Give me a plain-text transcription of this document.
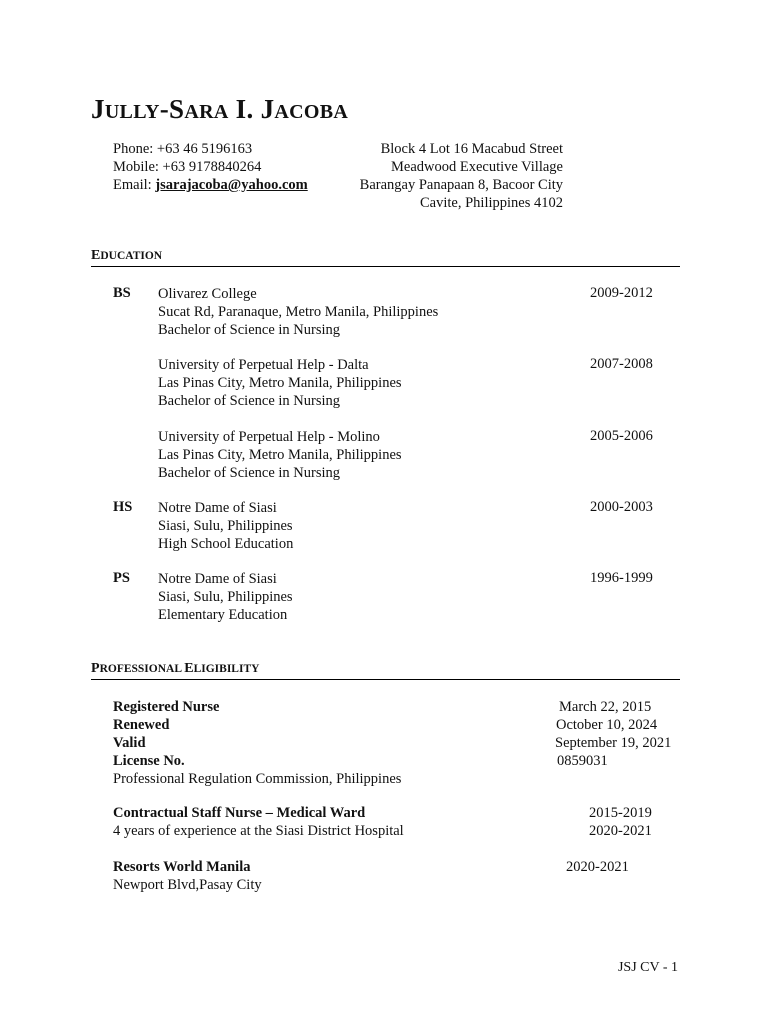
JULLY-SARA I. JACOBA
Phone: +63 46 5196163
Mobile: +63 9178840264
Email: jsarajacoba@yahoo.com
Block 4 Lot 16 Macabud Street
Meadwood Executive Village
Barangay Panapaan 8, Bacoor City
Cavite, Philippines 4102
EDUCATION
BS Olivarez College
Sucat Rd, Paranaque, Metro Manila, Philippines
Bachelor of Science in Nursing
2009-2012
University of Perpetual Help - Dalta
Las Pinas City, Metro Manila, Philippines
Bachelor of Science in Nursing
2007-2008
University of Perpetual Help - Molino
Las Pinas City, Metro Manila, Philippines
Bachelor of Science in Nursing
2005-2006
HS Notre Dame of Siasi
Siasi, Sulu, Philippines
High School Education
2000-2003
PS Notre Dame of Siasi
Siasi, Sulu, Philippines
Elementary Education
1996-1999
PROFESSIONAL ELIGIBILITY
Registered Nurse
Renewed
Valid
License No.
Professional Regulation Commission, Philippines
March 22, 2015
October 10, 2024
September 19, 2021
0859031
Contractual Staff Nurse – Medical Ward
4 years of experience at the Siasi District Hospital
2015-2019
2020-2021
Resorts World Manila
Newport Blvd,Pasay City
2020-2021
JSJ CV - 1
